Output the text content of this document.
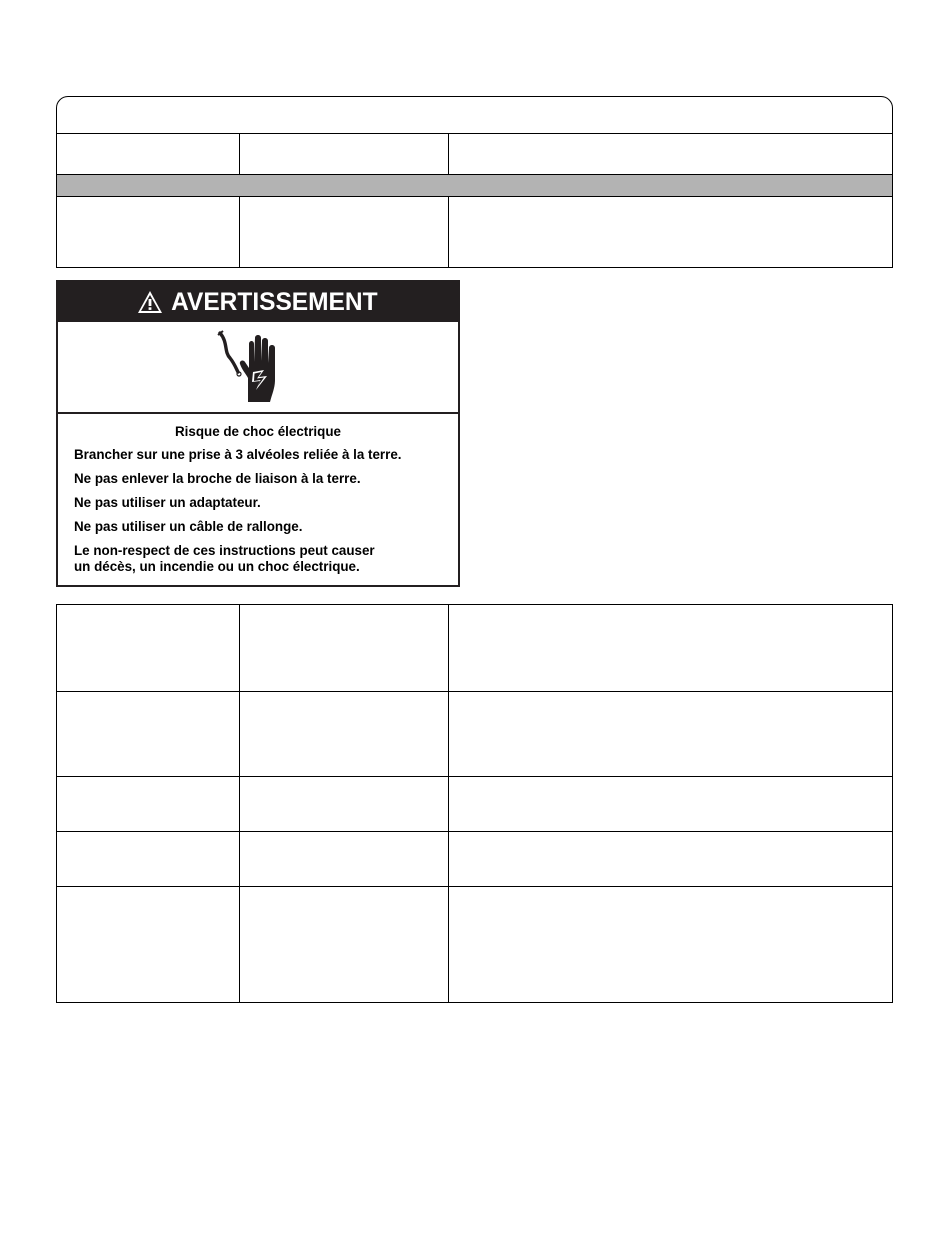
AVERTISSEMENT
Risque de choc électrique
Brancher sur une prise à 3 alvéoles reliée à la terre.
Ne pas enlever la broche de liaison à la terre.
Ne pas utiliser un adaptateur.
Ne pas utiliser un câble de rallonge.
Le non-respect de ces instructions peut causer
un décès, un incendie ou un choc électrique.
